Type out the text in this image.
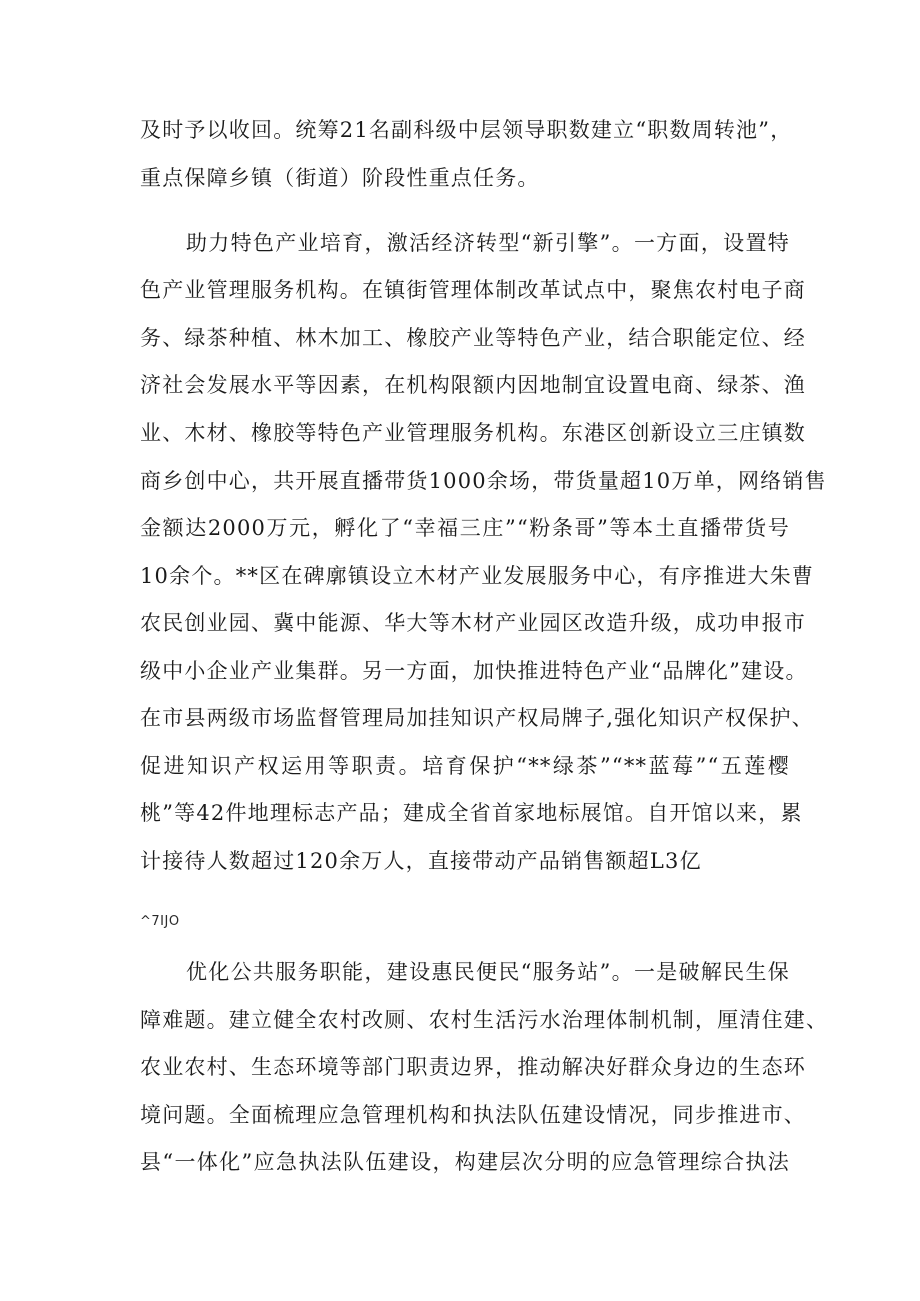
及时予以收回。统筹21名副科级中层领导职数建立“职数周转池”，
重点保障乡镇（街道）阶段性重点任务。
助力特色产业培育，激活经济转型“新引擎”。一方面，设置特
色产业管理服务机构。在镇街管理体制改革试点中，聚焦农村电子商
务、绿茶种植、林木加工、橡胶产业等特色产业，结合职能定位、经
济社会发展水平等因素，在机构限额内因地制宜设置电商、绿茶、渔
业、木材、橡胶等特色产业管理服务机构。东港区创新设立三庄镇数
商乡创中心，共开展直播带货1000余场，带货量超10万单，网络销售
金额达2000万元，孵化了“幸福三庄”“粉条哥”等本土直播带货号
10余个。**区在碑廓镇设立木材产业发展服务中心，有序推进大朱曹
农民创业园、冀中能源、华大等木材产业园区改造升级，成功申报市
级中小企业产业集群。另一方面，加快推进特色产业“品牌化”建设。
在市县两级市场监督管理局加挂知识产权局牌子,强化知识产权保护、
促进知识产权运用等职责。培育保护“**绿茶”“**蓝莓”“五莲樱
桃”等42件地理标志产品；建成全省首家地标展馆。自开馆以来，累
计接待人数超过120余万人，直接带动产品销售额超L3亿
^7IJO
优化公共服务职能，建设惠民便民“服务站”。一是破解民生保
障难题。建立健全农村改厕、农村生活污水治理体制机制，厘清住建、
农业农村、生态环境等部门职责边界，推动解决好群众身边的生态环
境问题。全面梳理应急管理机构和执法队伍建设情况，同步推进市、
县“一体化”应急执法队伍建设，构建层次分明的应急管理综合执法
